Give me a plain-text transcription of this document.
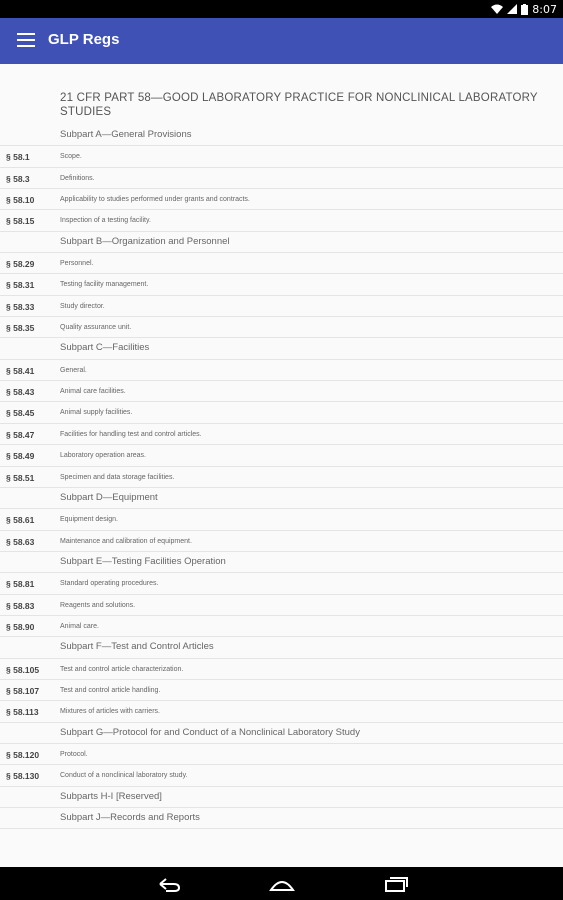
8:07
GLP Regs
21 CFR PART 58—GOOD LABORATORY PRACTICE FOR NONCLINICAL LABORATORY STUDIES
Subpart A—General Provisions
§ 58.1	Scope.
§ 58.3	Definitions.
§ 58.10	Applicability to studies performed under grants and contracts.
§ 58.15	Inspection of a testing facility.
Subpart B—Organization and Personnel
§ 58.29	Personnel.
§ 58.31	Testing facility management.
§ 58.33	Study director.
§ 58.35	Quality assurance unit.
Subpart C—Facilities
§ 58.41	General.
§ 58.43	Animal care facilities.
§ 58.45	Animal supply facilities.
§ 58.47	Facilities for handling test and control articles.
§ 58.49	Laboratory operation areas.
§ 58.51	Specimen and data storage facilities.
Subpart D—Equipment
§ 58.61	Equipment design.
§ 58.63	Maintenance and calibration of equipment.
Subpart E—Testing Facilities Operation
§ 58.81	Standard operating procedures.
§ 58.83	Reagents and solutions.
§ 58.90	Animal care.
Subpart F—Test and Control Articles
§ 58.105	Test and control article characterization.
§ 58.107	Test and control article handling.
§ 58.113	Mixtures of articles with carriers.
Subpart G—Protocol for and Conduct of a Nonclinical Laboratory Study
§ 58.120	Protocol.
§ 58.130	Conduct of a nonclinical laboratory study.
Subparts H-I [Reserved]
Subpart J—Records and Reports
